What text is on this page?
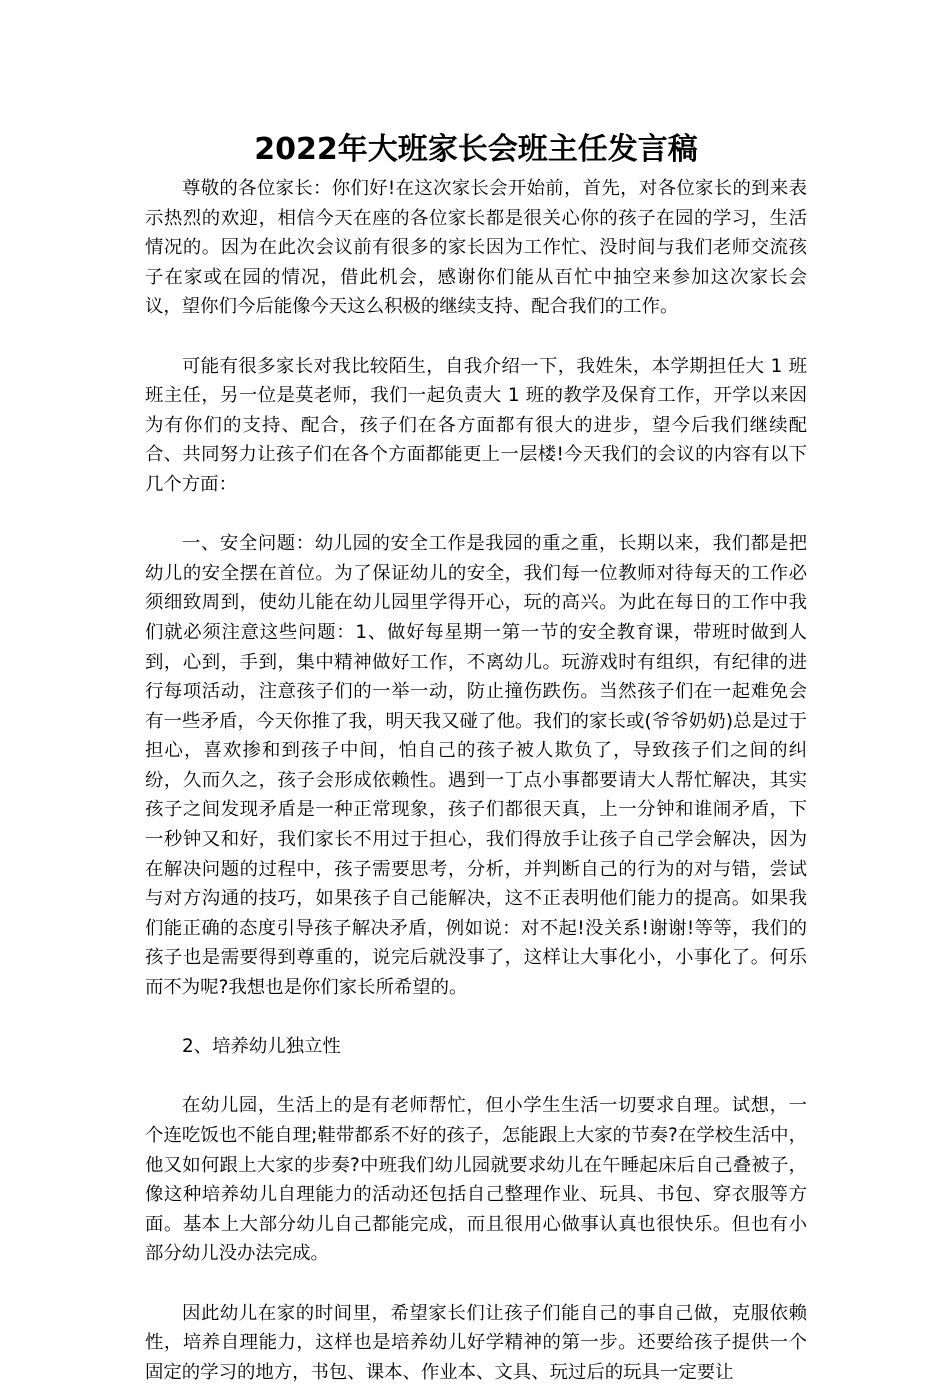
2022年大班家长会班主任发言稿

尊敬的各位家长：你们好!在这次家长会开始前，首先，对各位家长的到来表示热烈的欢迎，相信今天在座的各位家长都是很关心你的孩子在园的学习，生活情况的。因为在此次会议前有很多的家长因为工作忙、没时间与我们老师交流孩子在家或在园的情况，借此机会，感谢你们能从百忙中抽空来参加这次家长会议，望你们今后能像今天这么积极的继续支持、配合我们的工作。

可能有很多家长对我比较陌生，自我介绍一下，我姓朱，本学期担任大 1 班班主任，另一位是莫老师，我们一起负责大 1 班的教学及保育工作，开学以来因为有你们的支持、配合，孩子们在各方面都有很大的进步，望今后我们继续配合、共同努力让孩子们在各个方面都能更上一层楼!今天我们的会议的内容有以下几个方面：

一、安全问题：幼儿园的安全工作是我园的重之重，长期以来，我们都是把幼儿的安全摆在首位。为了保证幼儿的安全，我们每一位教师对待每天的工作必须细致周到，使幼儿能在幼儿园里学得开心，玩的高兴。为此在每日的工作中我们就必须注意这些问题：1、做好每星期一第一节的安全教育课，带班时做到人到，心到，手到，集中精神做好工作，不离幼儿。玩游戏时有组织，有纪律的进行每项活动，注意孩子们的一举一动，防止撞伤跌伤。当然孩子们在一起难免会有一些矛盾，今天你推了我，明天我又碰了他。我们的家长或(爷爷奶奶)总是过于担心，喜欢掺和到孩子中间，怕自己的孩子被人欺负了，导致孩子们之间的纠纷，久而久之，孩子会形成依赖性。遇到一丁点小事都要请大人帮忙解决，其实孩子之间发现矛盾是一种正常现象，孩子们都很天真，上一分钟和谁闹矛盾，下一秒钟又和好，我们家长不用过于担心，我们得放手让孩子自己学会解决，因为在解决问题的过程中，孩子需要思考，分析，并判断自己的行为的对与错，尝试与对方沟通的技巧，如果孩子自己能解决，这不正表明他们能力的提高。如果我们能正确的态度引导孩子解决矛盾，例如说：对不起!没关系!谢谢!等等，我们的孩子也是需要得到尊重的，说完后就没事了，这样让大事化小，小事化了。何乐而不为呢?我想也是你们家长所希望的。

2、培养幼儿独立性

在幼儿园，生活上的是有老师帮忙，但小学生生活一切要求自理。试想，一个连吃饭也不能自理;鞋带都系不好的孩子，怎能跟上大家的节奏?在学校生活中，他又如何跟上大家的步奏?中班我们幼儿园就要求幼儿在午睡起床后自己叠被子，像这种培养幼儿自理能力的活动还包括自己整理作业、玩具、书包、穿衣服等方面。基本上大部分幼儿自己都能完成，而且很用心做事认真也很快乐。但也有小部分幼儿没办法完成。

因此幼儿在家的时间里，希望家长们让孩子们能自己的事自己做，克服依赖性，培养自理能力，这样也是培养幼儿好学精神的第一步。还要给孩子提供一个固定的学习的地方，书包、课本、作业本、文具、玩过后的玩具一定要让
